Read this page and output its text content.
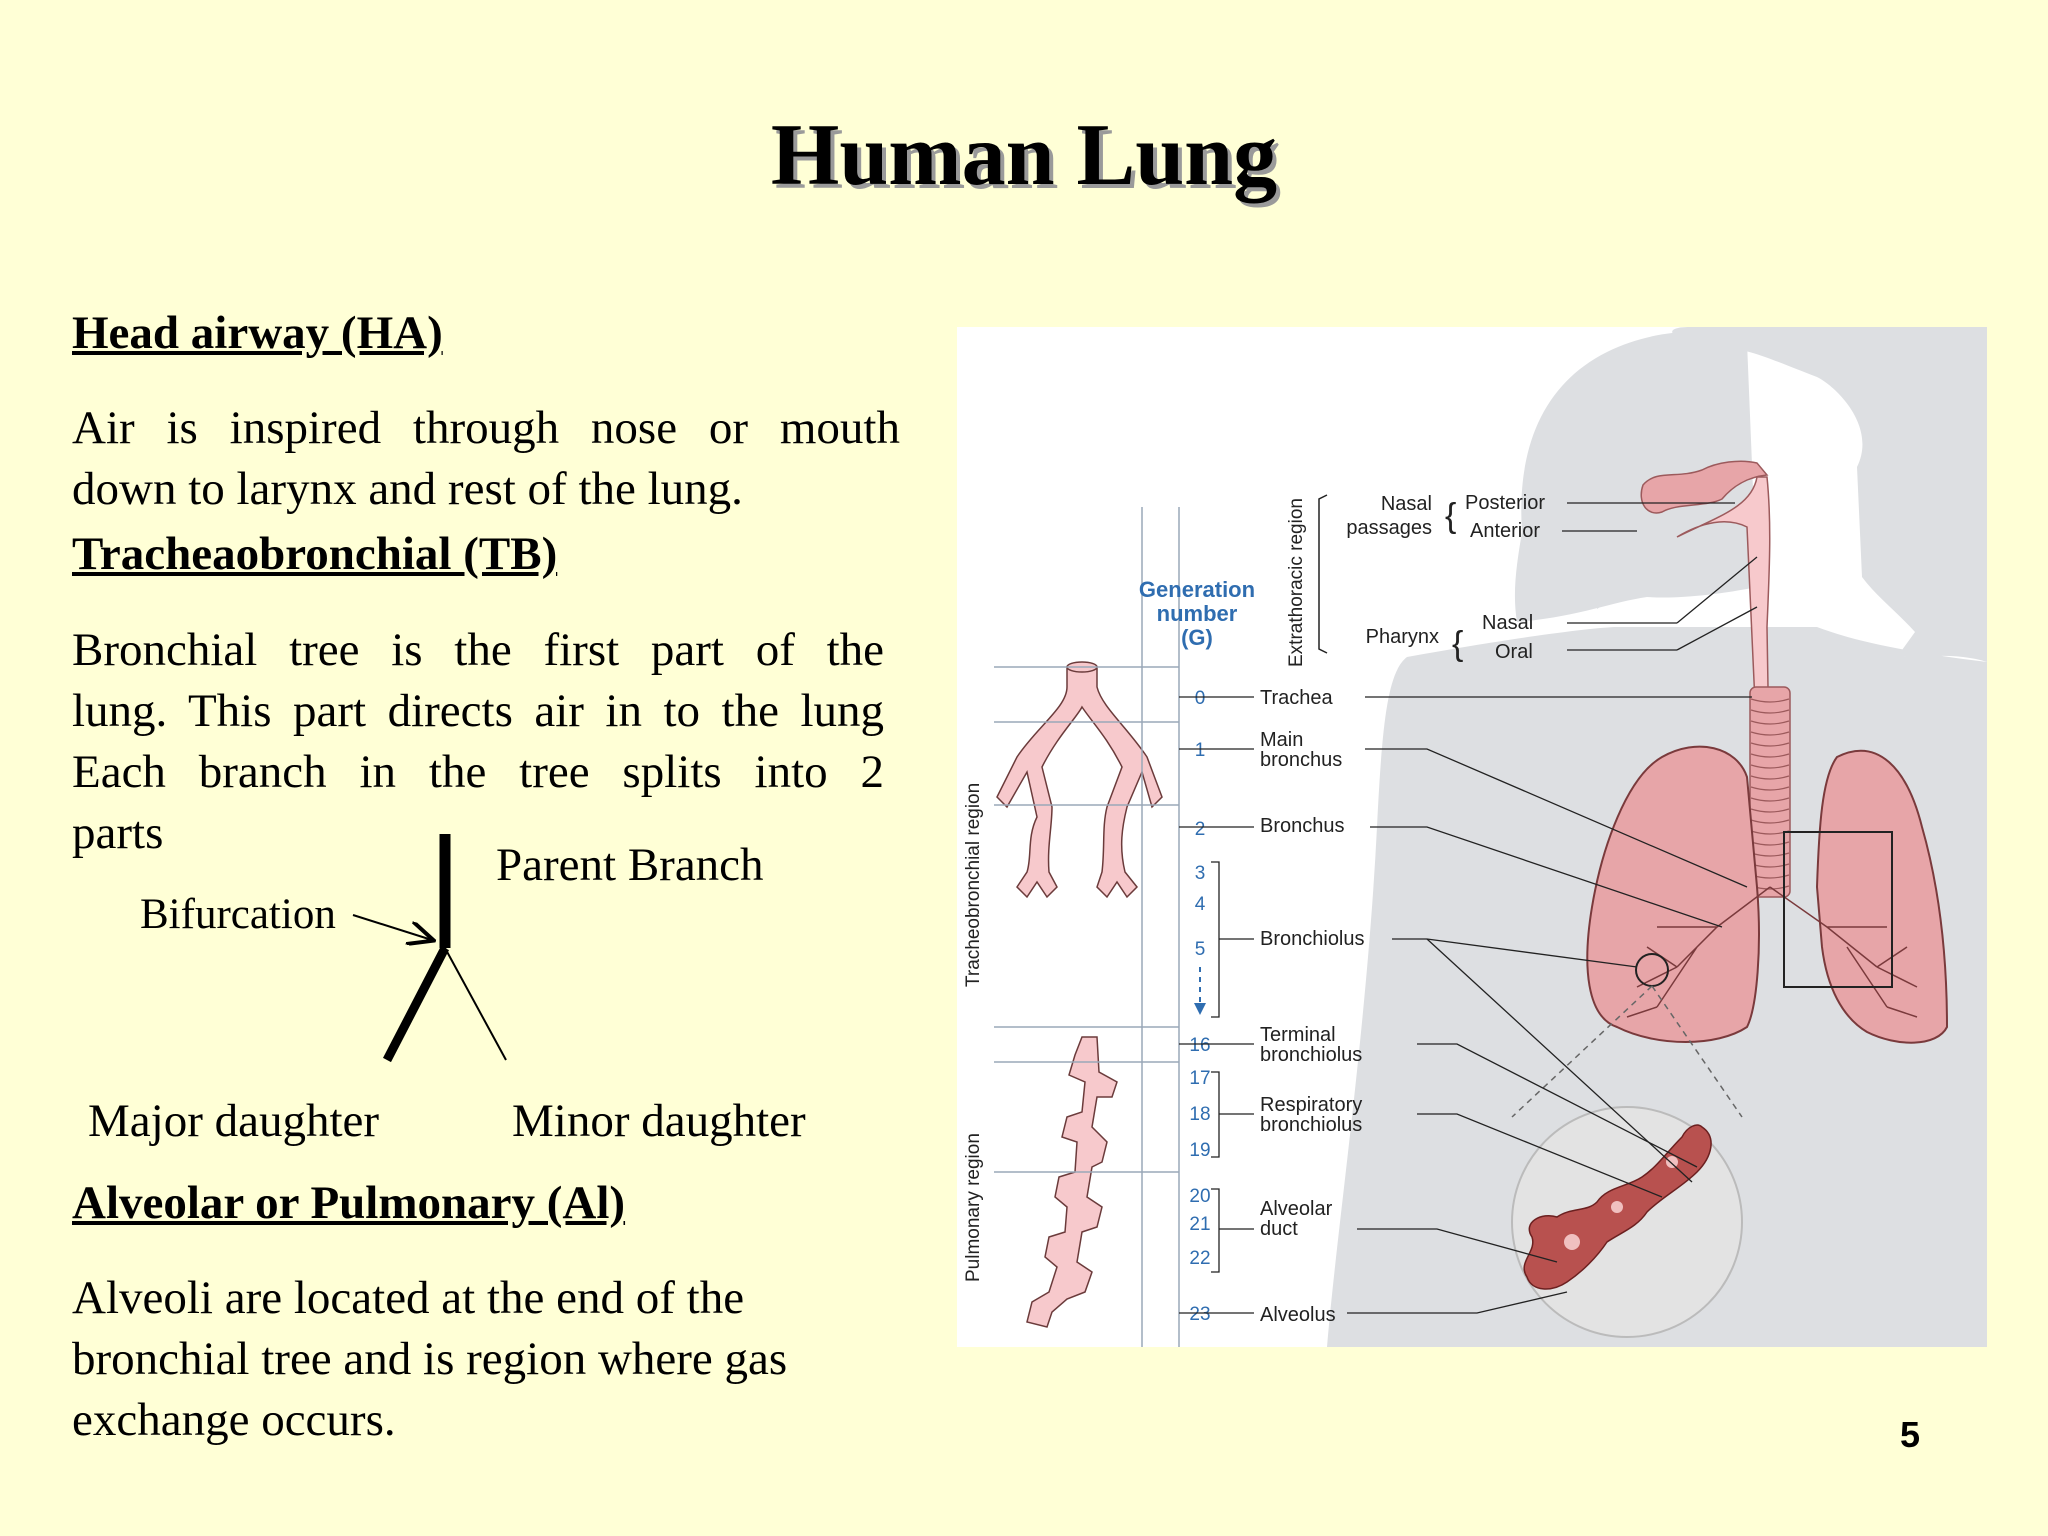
Human Lung
Head airway (HA)
Air is inspired through nose or mouth
down to larynx and rest of the lung.
Tracheaobronchial (TB)
Bronchial tree is the first part of the
lung. This part directs air in to the lung
Each branch in the tree splits into 2
parts
Parent Branch
Bifurcation
Major daughter	Minor daughter
Alveolar or Pulmonary (Al)
Alveoli are located at the end of the
bronchial tree and is region where gas
exchange occurs.	5
Generation
number
(G)	Extrathoracic region
Tracheobronchial region
Pulmonary region
Nasal
passages { Posterior
Anterior
Pharynx {
Nasal
Oral
0
1
2
3
4
5
16
17
18
19
20
21
22
23
Trachea
Main
bronchus
Bronchus
Bronchiolus
Terminal
bronchiolus
Respiratory
bronchiolus
Alveolar
duct
Alveolus
